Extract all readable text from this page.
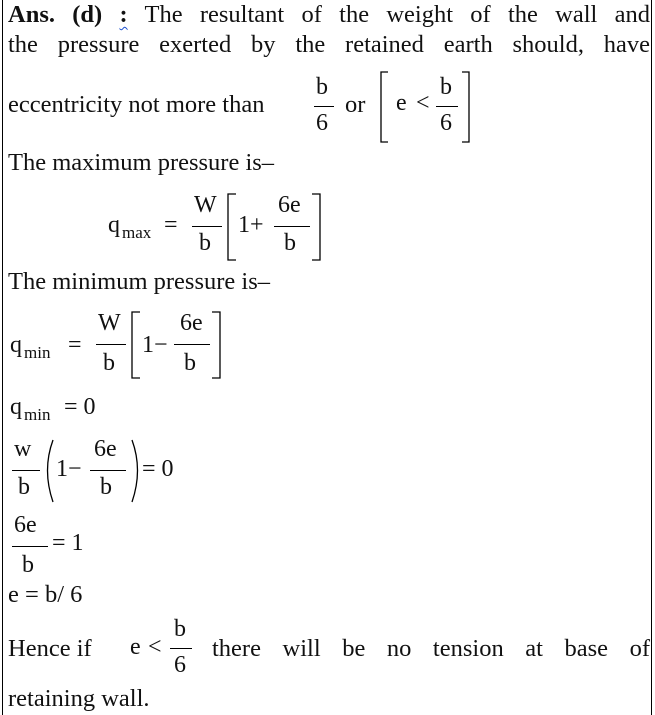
Ans. (d) : The resultant of the weight of the wall and
the pressure exerted by the retained earth should, have
eccentricity not more than
b
6
or e <
b
6
The maximum pressure is–
q max =
W
b
1+
6e
b
The minimum pressure is–
q min =
W
b
1−
6e
b
q min = 0
w
b
1−
6e
b
= 0
6e
b
= 1
e = b/ 6
Hence if e <
b
6
there will be no tension at base of
retaining wall.
